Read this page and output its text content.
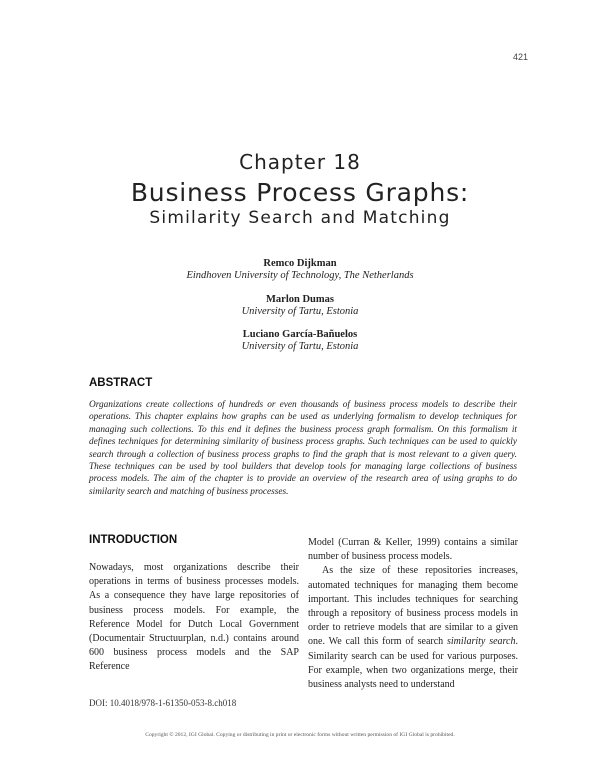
421
Chapter 18
Business Process Graphs:
Similarity Search and Matching
Remco Dijkman
Eindhoven University of Technology, The Netherlands
Marlon Dumas
University of Tartu, Estonia
Luciano García-Bañuelos
University of Tartu, Estonia
ABSTRACT
Organizations create collections of hundreds or even thousands of business process models to describe their operations. This chapter explains how graphs can be used as underlying formalism to develop techniques for managing such collections. To this end it defines the business process graph formalism. On this formalism it defines techniques for determining similarity of business process graphs. Such techniques can be used to quickly search through a collection of business process graphs to find the graph that is most relevant to a given query. These techniques can be used by tool builders that develop tools for managing large collections of business process models. The aim of the chapter is to provide an overview of the research area of using graphs to do similarity search and matching of business processes.
INTRODUCTION

Nowadays, most organizations describe their operations in terms of business processes models. As a consequence they have large repositories of business process models. For example, the Reference Model for Dutch Local Government (Documentair Structuurplan, n.d.) contains around 600 business process models and the SAP Reference

Model (Curran & Keller, 1999) contains a similar number of business process models.

As the size of these repositories increases, automated techniques for managing them become important. This includes techniques for searching through a repository of business process models in order to retrieve models that are similar to a given one. We call this form of search similarity search. Similarity search can be used for various purposes. For example, when two organizations merge, their business analysts need to understand

DOI: 10.4018/978-1-61350-053-8.ch018
Copyright © 2012, IGI Global. Copying or distributing in print or electronic forms without written permission of IGI Global is prohibited.
